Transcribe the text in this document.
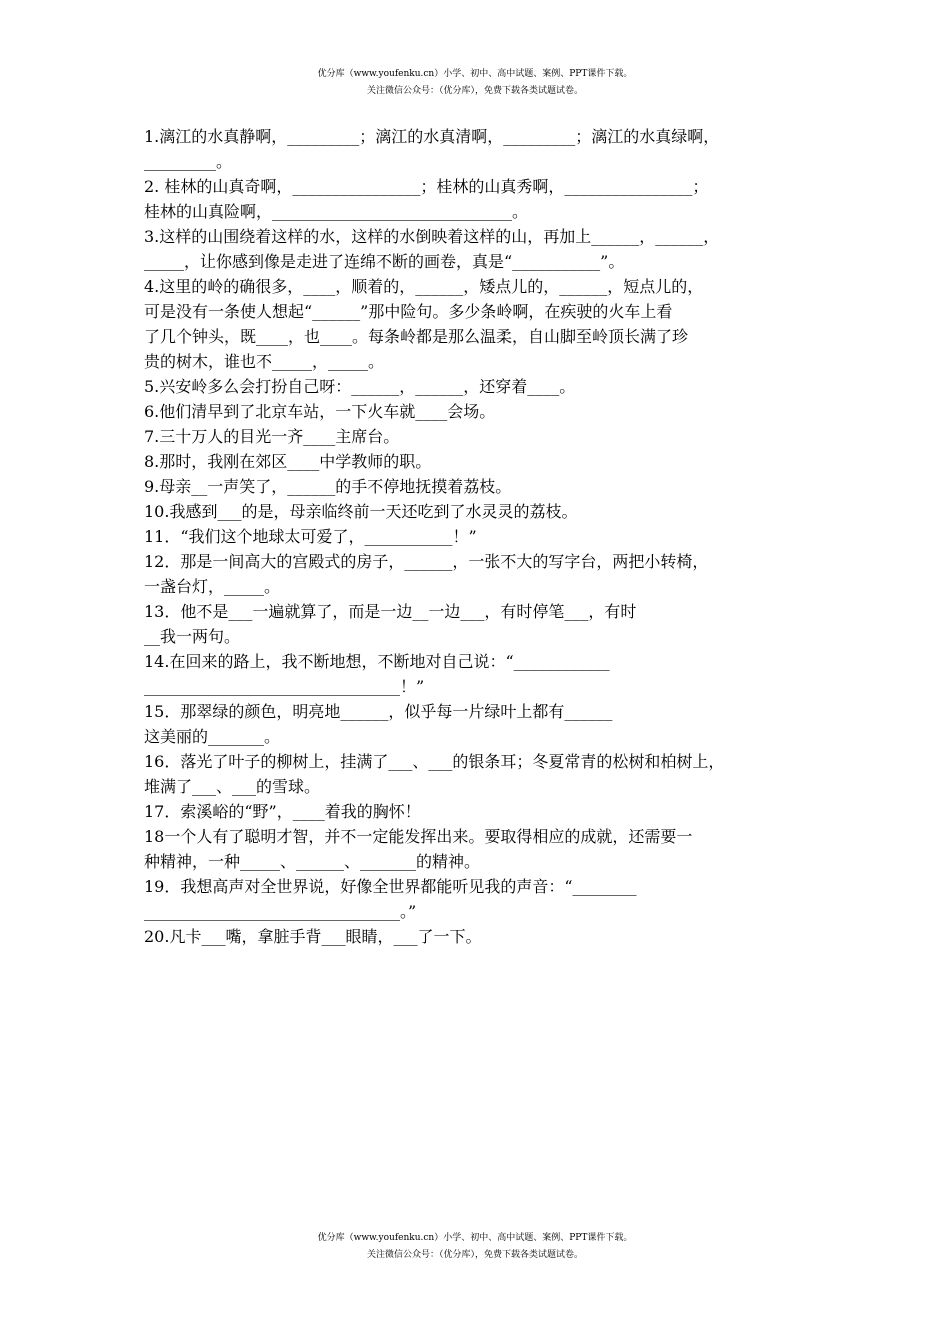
优分库（www.youfenku.cn）小学、初中、高中试题、案例、PPT课件下载。
关注微信公众号：（优分库），免费下载各类试题试卷。
1.漓江的水真静啊，_________；漓江的水真清啊，_________；漓江的水真绿啊，
_________。
2. 桂林的山真奇啊，________________；桂林的山真秀啊，________________；
桂林的山真险啊，______________________________。
3.这样的山围绕着这样的水，这样的水倒映着这样的山，再加上______，______，
_____，让你感到像是走进了连绵不断的画卷，真是“___________”。
4.这里的岭的确很多，____，顺着的，______，矮点儿的，______，短点儿的，
可是没有一条使人想起“______”那中险句。多少条岭啊，在疾驶的火车上看
了几个钟头，既____，也____。每条岭都是那么温柔，自山脚至岭顶长满了珍
贵的树木，谁也不_____，_____。
5.兴安岭多么会打扮自己呀：______，______，还穿着____。
6.他们清早到了北京车站，一下火车就____会场。
7.三十万人的目光一齐____主席台。
8.那时，我刚在郊区____中学教师的职。
9.母亲__一声笑了，______的手不停地抚摸着荔枝。
10.我感到___的是，母亲临终前一天还吃到了水灵灵的荔枝。
11．“我们这个地球太可爱了，___________！”
12．那是一间高大的宫殿式的房子，______，一张不大的写字台，两把小转椅，
一盏台灯，_____。
13．他不是___一遍就算了，而是一边__一边___，有时停笔___，有时
__我一两句。
14.在回来的路上，我不断地想，不断地对自己说：“____________
________________________________！”
15．那翠绿的颜色，明亮地______，似乎每一片绿叶上都有______
这美丽的_______。
16．落光了叶子的柳树上，挂满了___、___的银条耳；冬夏常青的松树和柏树上，
堆满了___、___的雪球。
17．索溪峪的“野”，____着我的胸怀！
18一个人有了聪明才智，并不一定能发挥出来。要取得相应的成就，还需要一
种精神，一种_____、______、_______的精神。
19．我想高声对全世界说，好像全世界都能听见我的声音：“________
________________________________。”
20.凡卡___嘴，拿脏手背___眼睛，___了一下。
优分库（www.youfenku.cn）小学、初中、高中试题、案例、PPT课件下载。
关注微信公众号：（优分库），免费下载各类试题试卷。
